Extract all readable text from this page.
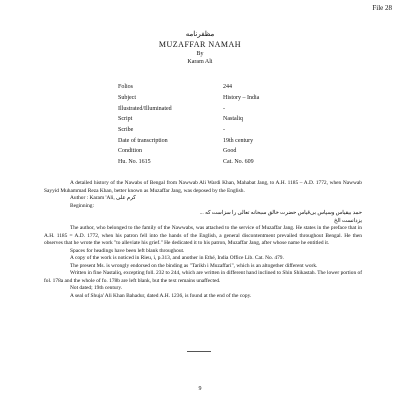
File 28
مظفرنامه
MUZAFFAR NAMAH
By
Karam Ali
Folios	244
Subject	History – India
Illustrated/Illuminated	-
Script	Nastaliq
Scribe	-
Date of transcription	19th century
Condition	Good
Hu. No. 1615	Cat. No. 609

A detailed history of the Nawabs of Bengal from Nawwab Ali Wardi Khan, Mahabat Jang, to A.H. 1185 – A.D. 1772, when Nawwab Sayyid Muhammad Reza Khan, better known as Muzaffar Jang, was deposed by the English.

Author : Karam 'Ali, کرم علی

Beginning:

حمد بیقیاس وسپاس بی‌قیاس حضرت خالق سبحانه تعالی را سزاست که ...

یزدانست الخ

The author, who belonged to the family of the Nawwabs, was attached to the service of Muzaffar Jang. He states in the preface that in A.H. 1185 = A.D. 1772, when his patron fell into the hands of the English, a general discontentment prevailed throughout Bengal. He then observes that he wrote the work "to alleviate his grief." He dedicated it to his patron, Muzaffar Jang, after whose name he entitled it.

Spaces for headings have been left blank throughout.

A copy of the work is noticed in Rieu, i, p.313, and another in Ethé, India Office Lib. Cat. No. 479.

The present Ms. is wrongly endorsed on the binding as "Tarikh i Muzaffari", which is an altogether different work.

Written in fine Nastaliq, excepting foll. 232 to 244, which are written in different hand inclined to Shin Shikastah. The lower portion of fol. 178a and the whole of fo. 178b are left blank, but the text remains unaffected.

Not dated; 19th century.

A seal of Shuja' Ali Khan Bahadur, dated A.H. 1236, is found at the end of the copy.

9
